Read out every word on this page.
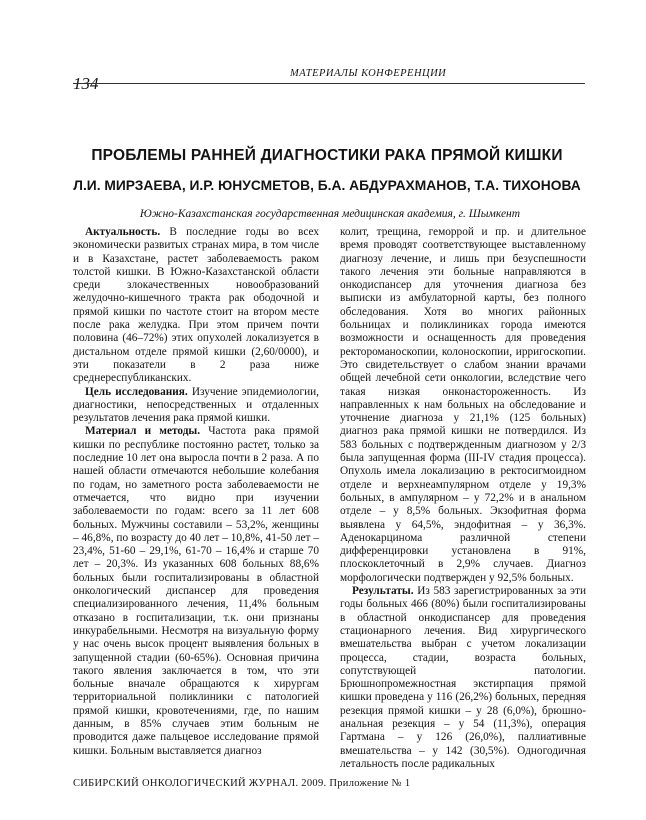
МАТЕРИАЛЫ КОНФЕРЕНЦИИ
134
ПРОБЛЕМЫ РАННЕЙ ДИАГНОСТИКИ РАКА ПРЯМОЙ КИШКИ
Л.И. МИРЗАЕВА, И.Р. ЮНУСМЕТОВ, Б.А. АБДУРАХМАНОВ, Т.А. ТИХОНОВА
Южно-Казахстанская государственная медицинская академия, г. Шымкент

Актуальность. В последние годы во всех экономически развитых странах мира, в том числе и в Казахстане, растет заболеваемость раком толстой кишки. В Южно-Казахстанской области среди злокачественных новообразований желудочно-кишечного тракта рак ободочной и прямой кишки по частоте стоит на втором месте после рака желудка. При этом причем почти половина (46–72%) этих опухолей локализуется в дистальном отделе прямой кишки (2,60/0000), и эти показатели в 2 раза ниже среднереспубликанских.

Цель исследования. Изучение эпидемиологии, диагностики, непосредственных и отдаленных результатов лечения рака прямой кишки.

Материал и методы. Частота рака прямой кишки по республике постоянно растет, только за последние 10 лет она выросла почти в 2 раза. А по нашей области отмечаются небольшие колебания по годам, но заметного роста заболеваемости не отмечается, что видно при изучении заболеваемости по годам: всего за 11 лет 608 больных. Мужчины составили – 53,2%, женщины – 46,8%, по возрасту до 40 лет – 10,8%, 41-50 лет – 23,4%, 51-60 – 29,1%, 61-70 – 16,4% и старше 70 лет – 20,3%. Из указанных 608 больных 88,6% больных были госпитализированы в областной онкологический диспансер для проведения специализированного лечения, 11,4% больным отказано в госпитализации, т.к. они признаны инкурабельными. Несмотря на визуальную форму у нас очень высок процент выявления больных в запущенной стадии (60-65%). Основная причина такого явления заключается в том, что эти больные вначале обращаются к хирургам территориальной поликлиники с патологией прямой кишки, кровотечениями, где, по нашим данным, в 85% случаев этим больным не проводится даже пальцевое исследование прямой кишки. Больным выставляется диагноз

колит, трещина, геморрой и пр. и длительное время проводят соответствующее выставленному диагнозу лечение, и лишь при безуспешности такого лечения эти больные направляются в онкодиспансер для уточнения диагноза без выписки из амбулаторной карты, без полного обследования. Хотя во многих районных больницах и поликлиниках города имеются возможности и оснащенность для проведения ректороманоскопии, колоноскопии, ирригоскопии. Это свидетельствует о слабом знании врачами общей лечебной сети онкологии, вследствие чего такая низкая онконастороженность. Из направленных к нам больных на обследование и уточнение диагноза у 21,1% (125 больных) диагноз рака прямой кишки не потвердился. Из 583 больных с подтвержденным диагнозом у 2/3 была запущенная форма (III-IV стадия процесса). Опухоль имела локализацию в ректосигмоидном отделе и верхнеампулярном отделе у 19,3% больных, в ампулярном – у 72,2% и в анальном отделе – у 8,5% больных. Экзофитная форма выявлена у 64,5%, эндофитная – у 36,3%. Аденокарцинома различной степени дифференцировки установлена в 91%, плоскоклеточный в 2,9% случаев. Диагноз морфологически подтвержден у 92,5% больных.

Результаты. Из 583 зарегистрированных за эти годы больных 466 (80%) были госпитализированы в областной онкодиспансер для проведения стационарного лечения. Вид хирургического вмешательства выбран с учетом локализации процесса, стадии, возраста больных, сопутствующей патологии. Брюшнопромежностная экстирпация прямой кишки проведена у 116 (26,2%) больных, передняя резекция прямой кишки – у 28 (6,0%), брюшно-анальная резекция – у 54 (11,3%), операция Гартмана – у 126 (26,0%), паллиативные вмешательства – у 142 (30,5%). Одногодичная летальность после радикальных

СИБИРСКИЙ ОНКОЛОГИЧЕСКИЙ ЖУРНАЛ. 2009. Приложение № 1
